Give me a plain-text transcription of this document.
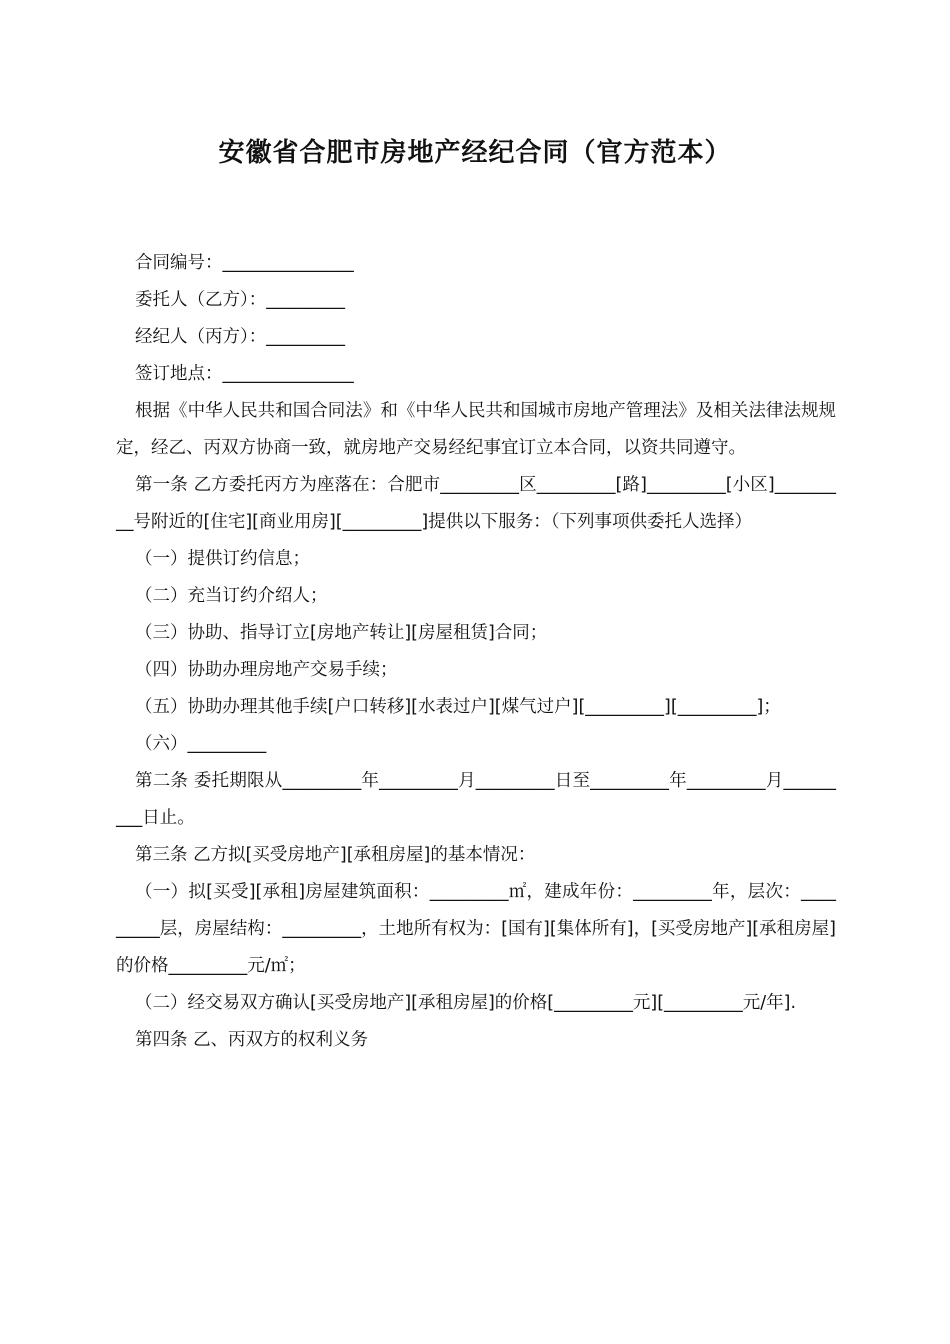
安徽省合肥市房地产经纪合同（官方范本）

合同编号：_______________

委托人（乙方）：_________

经纪人（丙方）：_________

签订地点：_______________

根据《中华人民共和国合同法》和《中华人民共和国城市房地产管理法》及相关法律法规规定，经乙、丙双方协商一致，就房地产交易经纪事宜订立本合同，以资共同遵守。

第一条 乙方委托丙方为座落在：合肥市_________区_________[路]_________[小区]_________号附近的[住宅][商业用房][_________]提供以下服务：（下列事项供委托人选择）

（一）提供订约信息；

（二）充当订约介绍人；

（三）协助、指导订立[房地产转让][房屋租赁]合同；

（四）协助办理房地产交易手续；

（五）协助办理其他手续[户口转移][水表过户][煤气过户][_________][_________]；

（六）_________

第二条 委托期限从_________年_________月_________日至_________年_________月_________日止。

第三条 乙方拟[买受房地产][承租房屋]的基本情况：

（一）拟[买受][承租]房屋建筑面积：_________㎡，建成年份：_________年，层次：_________层，房屋结构：_________，土地所有权为：[国有][集体所有]，[买受房地产][承租房屋]的价格_________元/㎡；

（二）经交易双方确认[买受房地产][承租房屋]的价格[_________元][_________元/年].

第四条 乙、丙双方的权利义务
